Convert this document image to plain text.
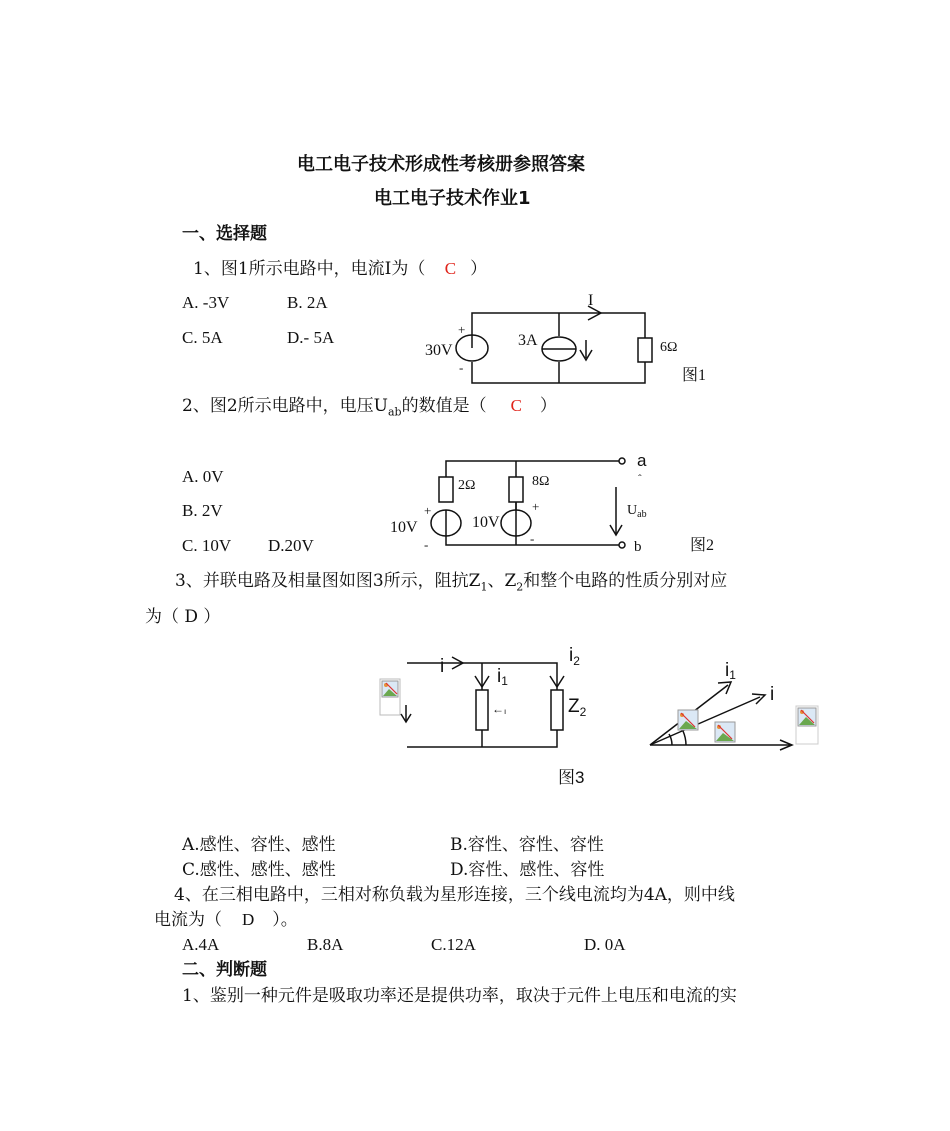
电工电子技术形成性考核册参照答案
电工电子技术作业1
一、选择题
1、图1所示电路中，电流I为（ C ）
A. -3V	B. 2A
C. 5A	D.- 5A
I
+
30V
-
3A	6Ω
图1
2、图2所示电路中，电压$U_{ab}$的数值是（ C ）
A. 0V
B. 2V
C. 10V D.20V
2Ω	8Ω
+
10V
-
10V
+
-
a
ˆ
b
$U_{ab}$
图2
3、并联电路及相量图如图3所示，阻抗$Z_1$、$Z_2$和整个电路的性质分别对应
为（ D ）
i	i1
$i_2$
←ı	$Z_2$
i1
i
图3
A.感性、容性、感性	B.容性、容性、容性
C.感性、感性、感性	D.容性、感性、容性
4、在三相电路中，三相对称负载为星形连接，三个线电流均为4A，则中线
电流为（ D ）。
A.4A	B.8A	C.12A	D. 0A
二、判断题
1、鉴别一种元件是吸取功率还是提供功率，取决于元件上电压和电流的实
